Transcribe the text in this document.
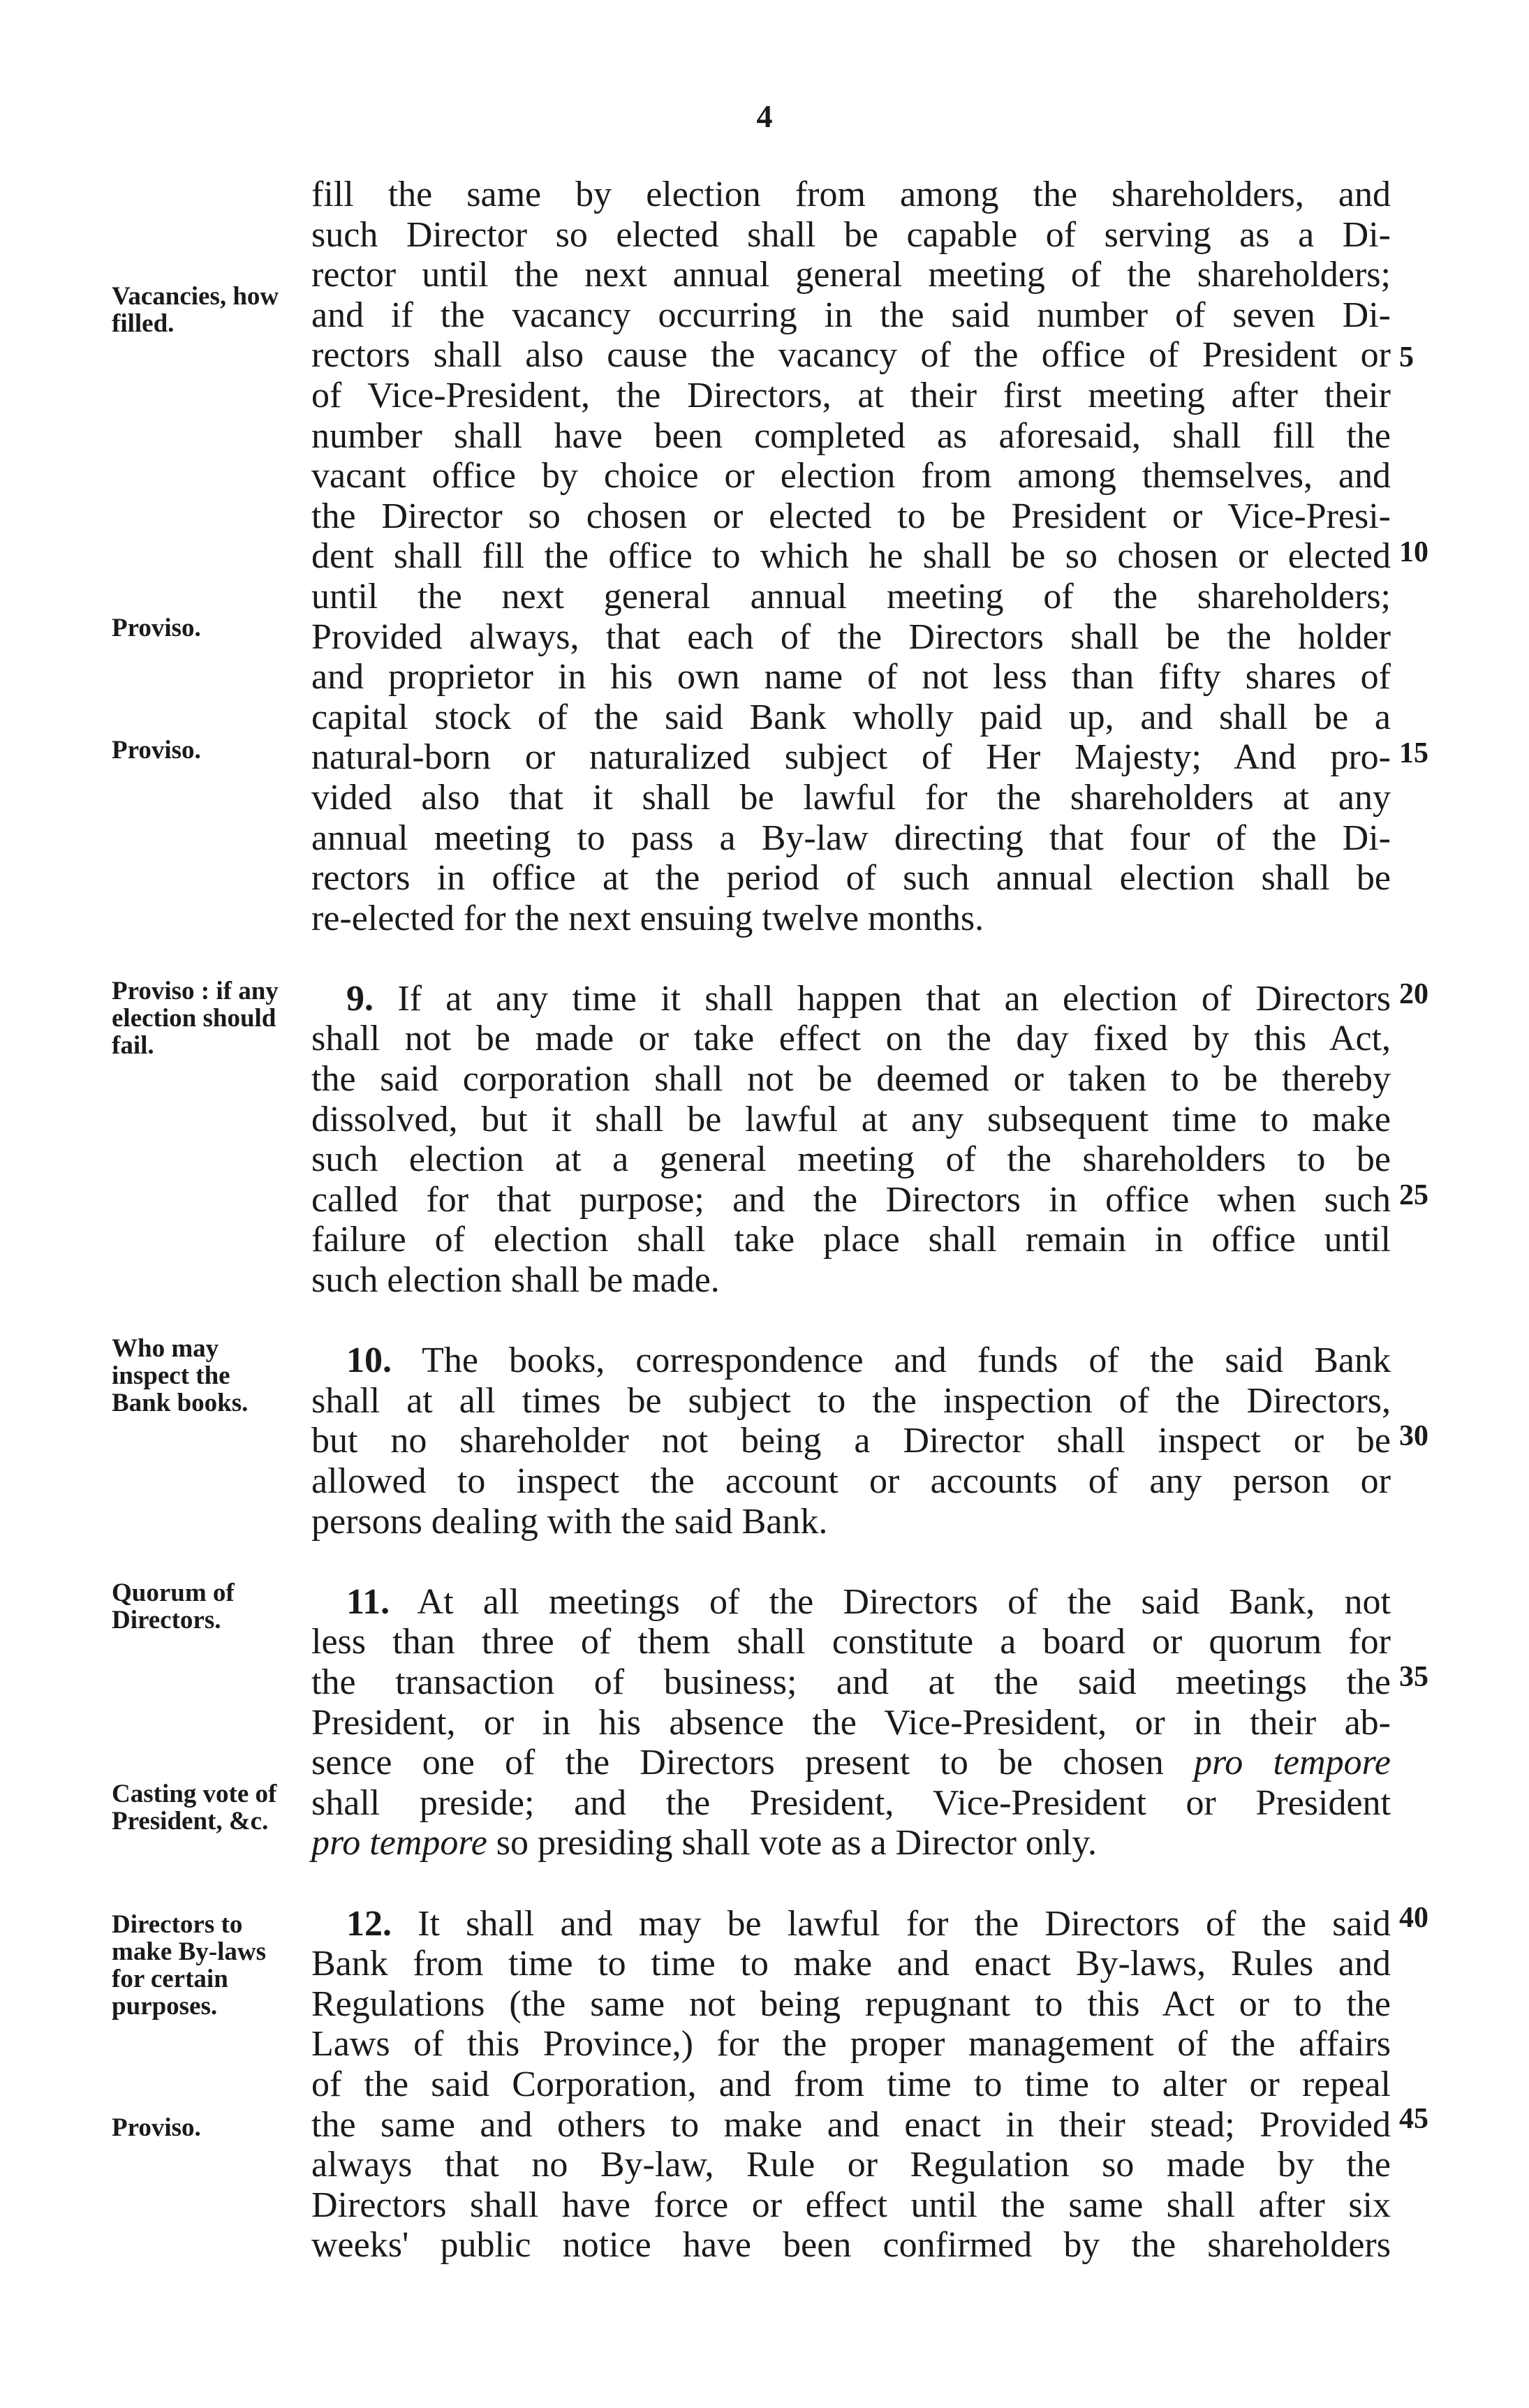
4
Vacancies, how filled.
Proviso.
Proviso.
Proviso : if any election should fail.
Who may inspect the Bank books.
Quorum of Directors.
Casting vote of President, &c.
Directors to make By-laws for certain purposes.
Proviso.
5
10
15
20
25
30
35
40
45
fill the same by election from among the shareholders, and
such Director so elected shall be capable of serving as a Di-
rector until the next annual general meeting of the shareholders;
and if the vacancy occurring in the said number of seven Di-
rectors shall also cause the vacancy of the office of President or
of Vice-President, the Directors, at their first meeting after their
number shall have been completed as aforesaid, shall fill the
vacant office by choice or election from among themselves, and
the Director so chosen or elected to be President or Vice-Presi-
dent shall fill the office to which he shall be so chosen or elected
until the next general annual meeting of the shareholders;
Provided always, that each of the Directors shall be the holder
and proprietor in his own name of not less than fifty shares of
capital stock of the said Bank wholly paid up, and shall be a
natural-born or naturalized subject of Her Majesty; And pro-
vided also that it shall be lawful for the shareholders at any
annual meeting to pass a By-law directing that four of the Di-
rectors in office at the period of such annual election shall be
re-elected for the next ensuing twelve months.
9. If at any time it shall happen that an election of Directors
shall not be made or take effect on the day fixed by this Act,
the said corporation shall not be deemed or taken to be thereby
dissolved, but it shall be lawful at any subsequent time to make
such election at a general meeting of the shareholders to be
called for that purpose; and the Directors in office when such
failure of election shall take place shall remain in office until
such election shall be made.
10. The books, correspondence and funds of the said Bank
shall at all times be subject to the inspection of the Directors,
but no shareholder not being a Director shall inspect or be
allowed to inspect the account or accounts of any person or
persons dealing with the said Bank.
11. At all meetings of the Directors of the said Bank, not
less than three of them shall constitute a board or quorum for
the transaction of business; and at the said meetings the
President, or in his absence the Vice-President, or in their ab-
sence one of the Directors present to be chosen pro tempore
shall preside; and the President, Vice-President or President
pro tempore so presiding shall vote as a Director only.
12. It shall and may be lawful for the Directors of the said
Bank from time to time to make and enact By-laws, Rules and
Regulations (the same not being repugnant to this Act or to the
Laws of this Province,) for the proper management of the affairs
of the said Corporation, and from time to time to alter or repeal
the same and others to make and enact in their stead; Provided
always that no By-law, Rule or Regulation so made by the
Directors shall have force or effect until the same shall after six
weeks' public notice have been confirmed by the shareholders
